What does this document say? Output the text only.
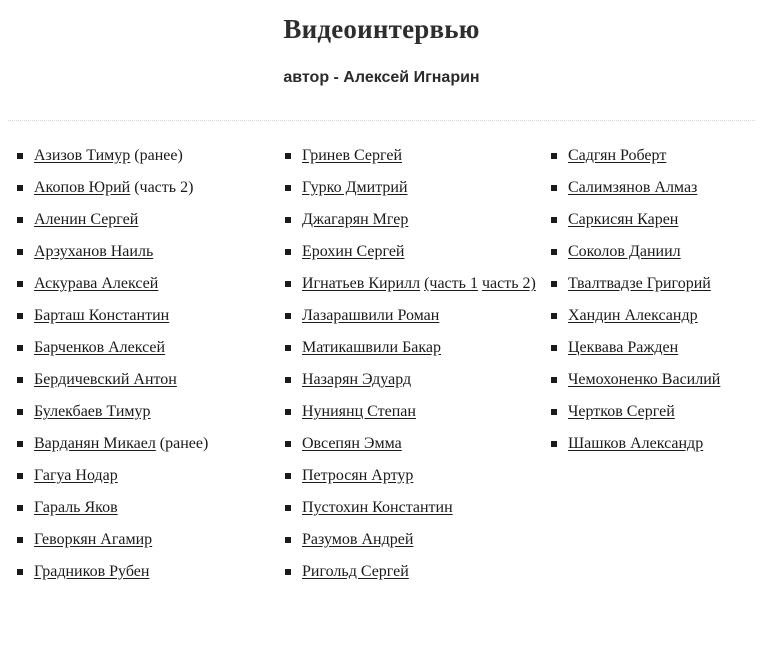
Видеоинтервью
автор - Алексей Игнарин
Азизов Тимур (ранее)
Акопов Юрий (часть 2)
Аленин Сергей
Арзуханов Наиль
Аскурава Алексей
Барташ Константин
Барченков Алексей
Бердичевский Антон
Булекбаев Тимур
Варданян Микаел (ранее)
Гагуа Нодар
Гараль Яков
Геворкян Агамир
Градников Рубен
Гринев Сергей
Гурко Дмитрий
Джагарян Мгер
Ерохин Сергей
Игнатьев Кирилл (часть 1 часть 2)
Лазарашвили Роман
Матикашвили Бакар
Назарян Эдуард
Нуниянц Степан
Овсепян Эмма
Петросян Артур
Пустохин Константин
Разумов Андрей
Ригольд Сергей
Садгян Роберт
Салимзянов Алмаз
Саркисян Карен
Соколов Даниил
Твалтвадзе Григорий
Хандин Александр
Цеквава Ражден
Чемохоненко Василий
Чертков Сергей
Шашков Александр
